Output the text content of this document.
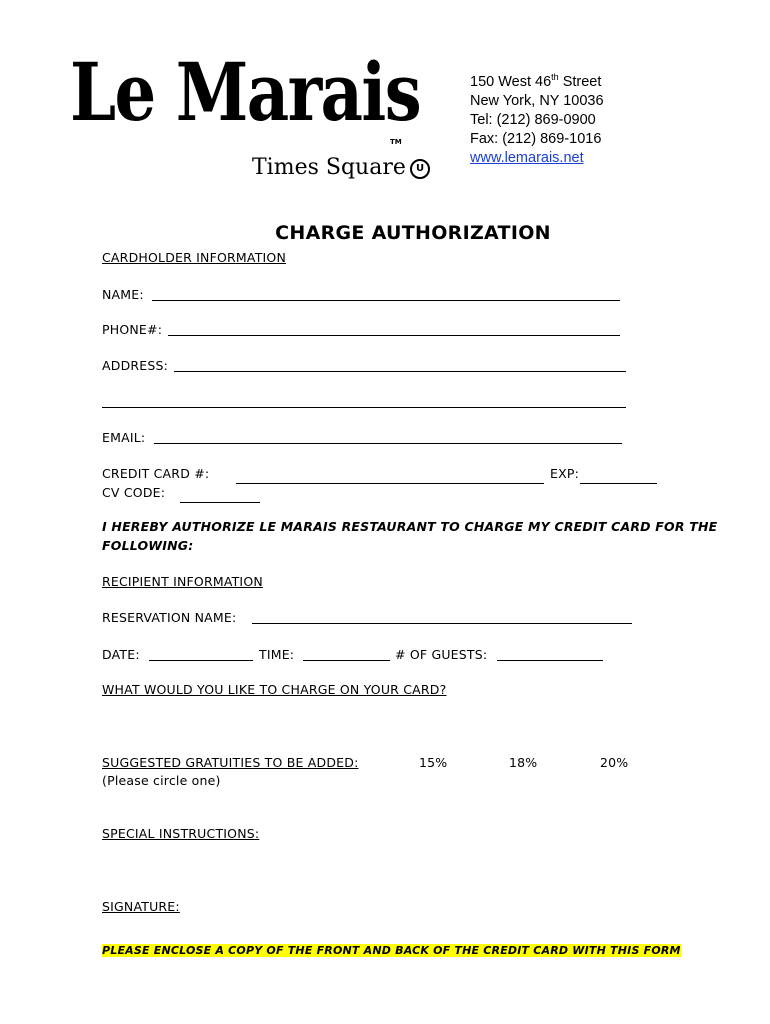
Le Marais
TM
Times Square	U
150 West 46th Street
New York, NY 10036
Tel: (212) 869-0900
Fax: (212) 869-1016
www.lemarais.net
CHARGE AUTHORIZATION
CARDHOLDER INFORMATION
NAME:
PHONE#:
ADDRESS:
EMAIL:
CREDIT CARD #:	EXP:
CV CODE:
I HEREBY AUTHORIZE LE MARAIS RESTAURANT TO CHARGE MY CREDIT CARD FOR THE
FOLLOWING:
RECIPIENT INFORMATION
RESERVATION NAME:
DATE:	TIME:	# OF GUESTS:
WHAT WOULD YOU LIKE TO CHARGE ON YOUR CARD?
SUGGESTED GRATUITIES TO BE ADDED:
(Please circle one)
15%	18%	20%
SPECIAL INSTRUCTIONS:
SIGNATURE:
PLEASE ENCLOSE A COPY OF THE FRONT AND BACK OF THE CREDIT CARD WITH THIS FORM
